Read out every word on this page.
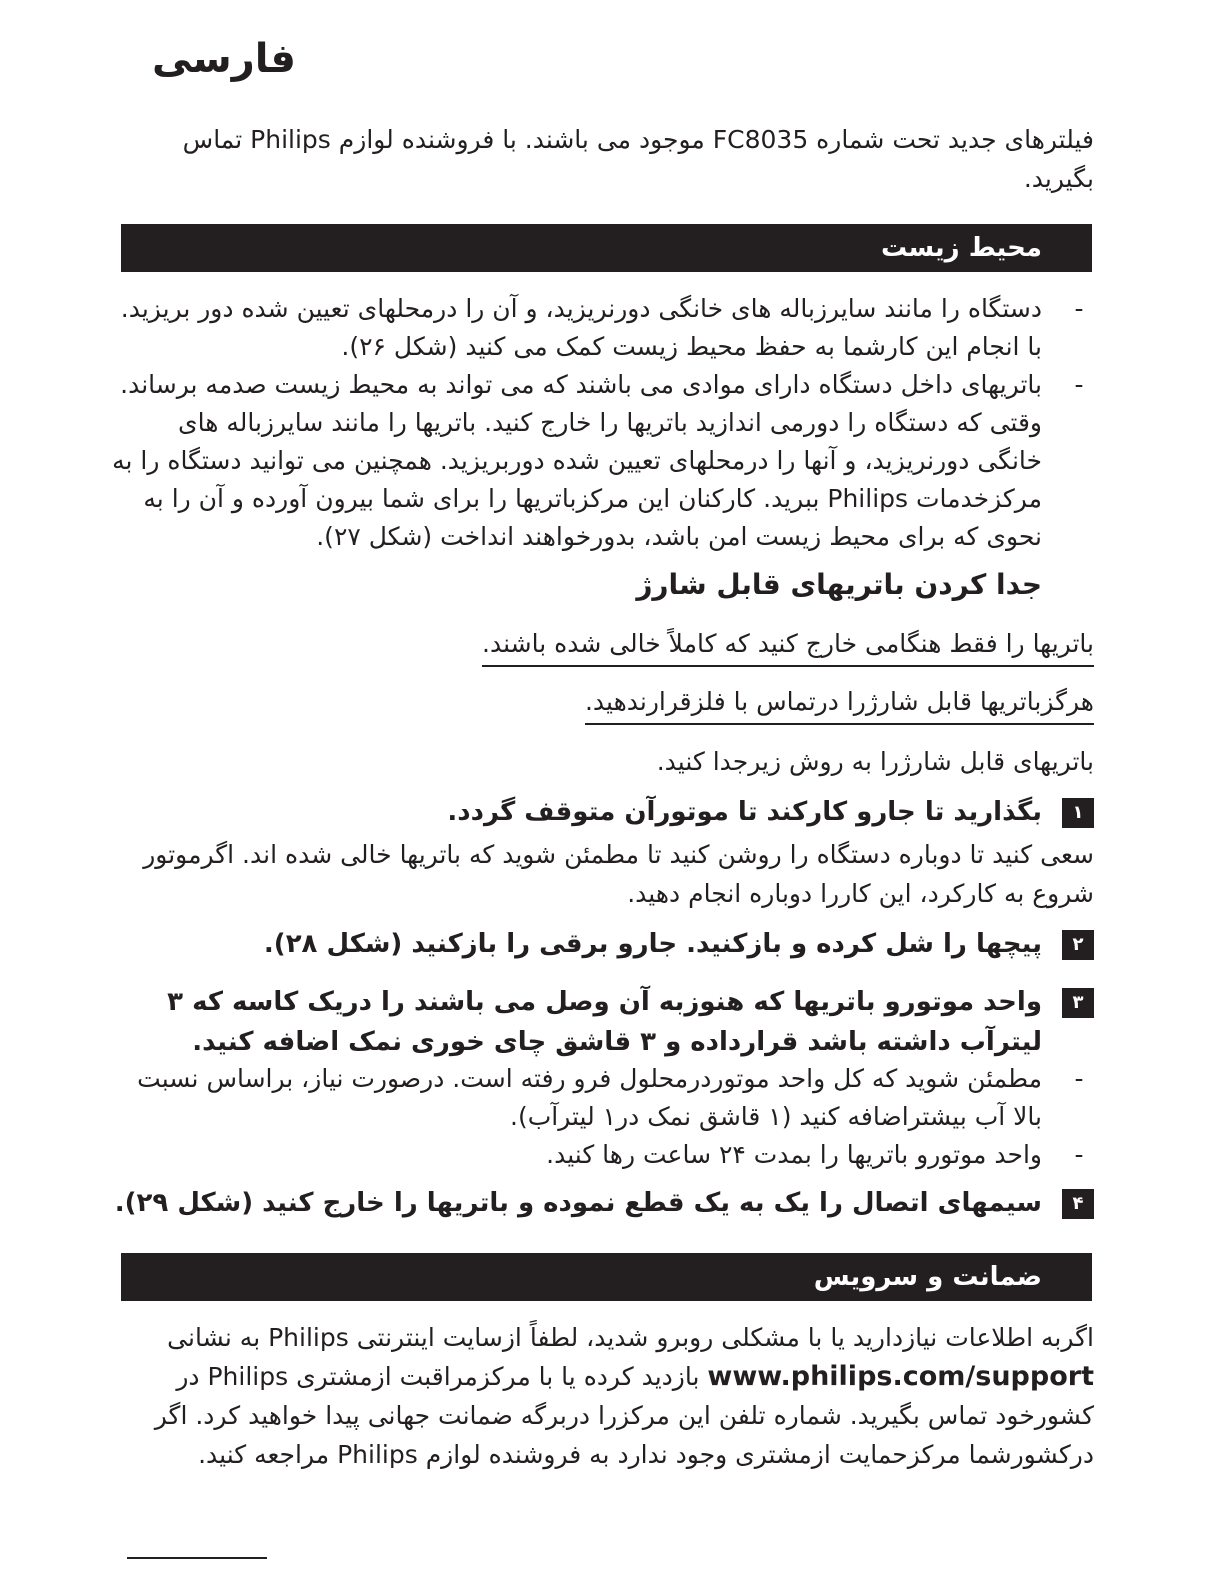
فارسی

فیلترهای جدید تحت شماره FC8035 موجود می باشند. با فروشنده لوازم Philips تماس بگیرید.

محیط زیست
-
دستگاه را مانند سایرزباله های خانگی دورنریزید، و آن را درمحلهای تعیین شده دور بریزید. با انجام این کارشما به حفظ محیط زیست کمک می کنید (شکل ۲۶).
-
باتریهای داخل دستگاه دارای موادی می باشند که می تواند به محیط زیست صدمه برساند. وقتی که دستگاه را دورمی اندازید باتریها را خارج کنید. باتریها را مانند سایرزباله های خانگی دورنریزید، و آنها را درمحلهای تعیین شده دوربریزید. همچنین می توانید دستگاه را به مرکزخدمات Philips ببرید. کارکنان این مرکزباتریها را برای شما بیرون آورده و آن را به نحوی که برای محیط زیست امن باشد، بدورخواهند انداخت (شکل ۲۷).
جدا کردن باتریهای قابل شارژ
باتریها را فقط هنگامی خارج کنید که کاملاً خالی شده باشند.
هرگزباتریها قابل شارژرا درتماس با فلزقرارندهید.

باتریهای قابل شارژرا به روش زیرجدا کنید.

۱
بگذارید تا جارو کارکند تا موتورآن متوقف گردد.

سعی کنید تا دوباره دستگاه را روشن کنید تا مطمئن شوید که باتریها خالی شده اند. اگرموتور شروع به کارکرد، این کاررا دوباره انجام دهید.

۲
پیچها را شل کرده و بازکنید. جارو برقی را بازکنید (شکل ۲۸).
۳
واحد موتورو باتریها که هنوزبه آن وصل می باشند را دریک کاسه که ۳ لیترآب داشته باشد قرارداده و ۳ قاشق چای خوری نمک اضافه کنید.
-
مطمئن شوید که کل واحد موتوردرمحلول فرو رفته است. درصورت نیاز، براساس نسبت بالا آب بیشتراضافه کنید (۱ قاشق نمک در۱ لیترآب).
-
واحد موتورو باتریها را بمدت ۲۴ ساعت رها کنید.
۴
سیمهای اتصال را یک به یک قطع نموده و باتریها را خارج کنید (شکل ۲۹).
ضمانت و سرویس

اگربه اطلاعات نیازدارید یا با مشکلی روبرو شدید، لطفاً ازسایت اینترنتی Philips به نشانی www.philips.com/support بازدید کرده یا با مرکزمراقبت ازمشتری Philips در کشورخود تماس بگیرید. شماره تلفن این مرکزرا دربرگه ضمانت جهانی پیدا خواهید کرد. اگر درکشورشما مرکزحمایت ازمشتری وجود ندارد به فروشنده لوازم Philips مراجعه کنید.
